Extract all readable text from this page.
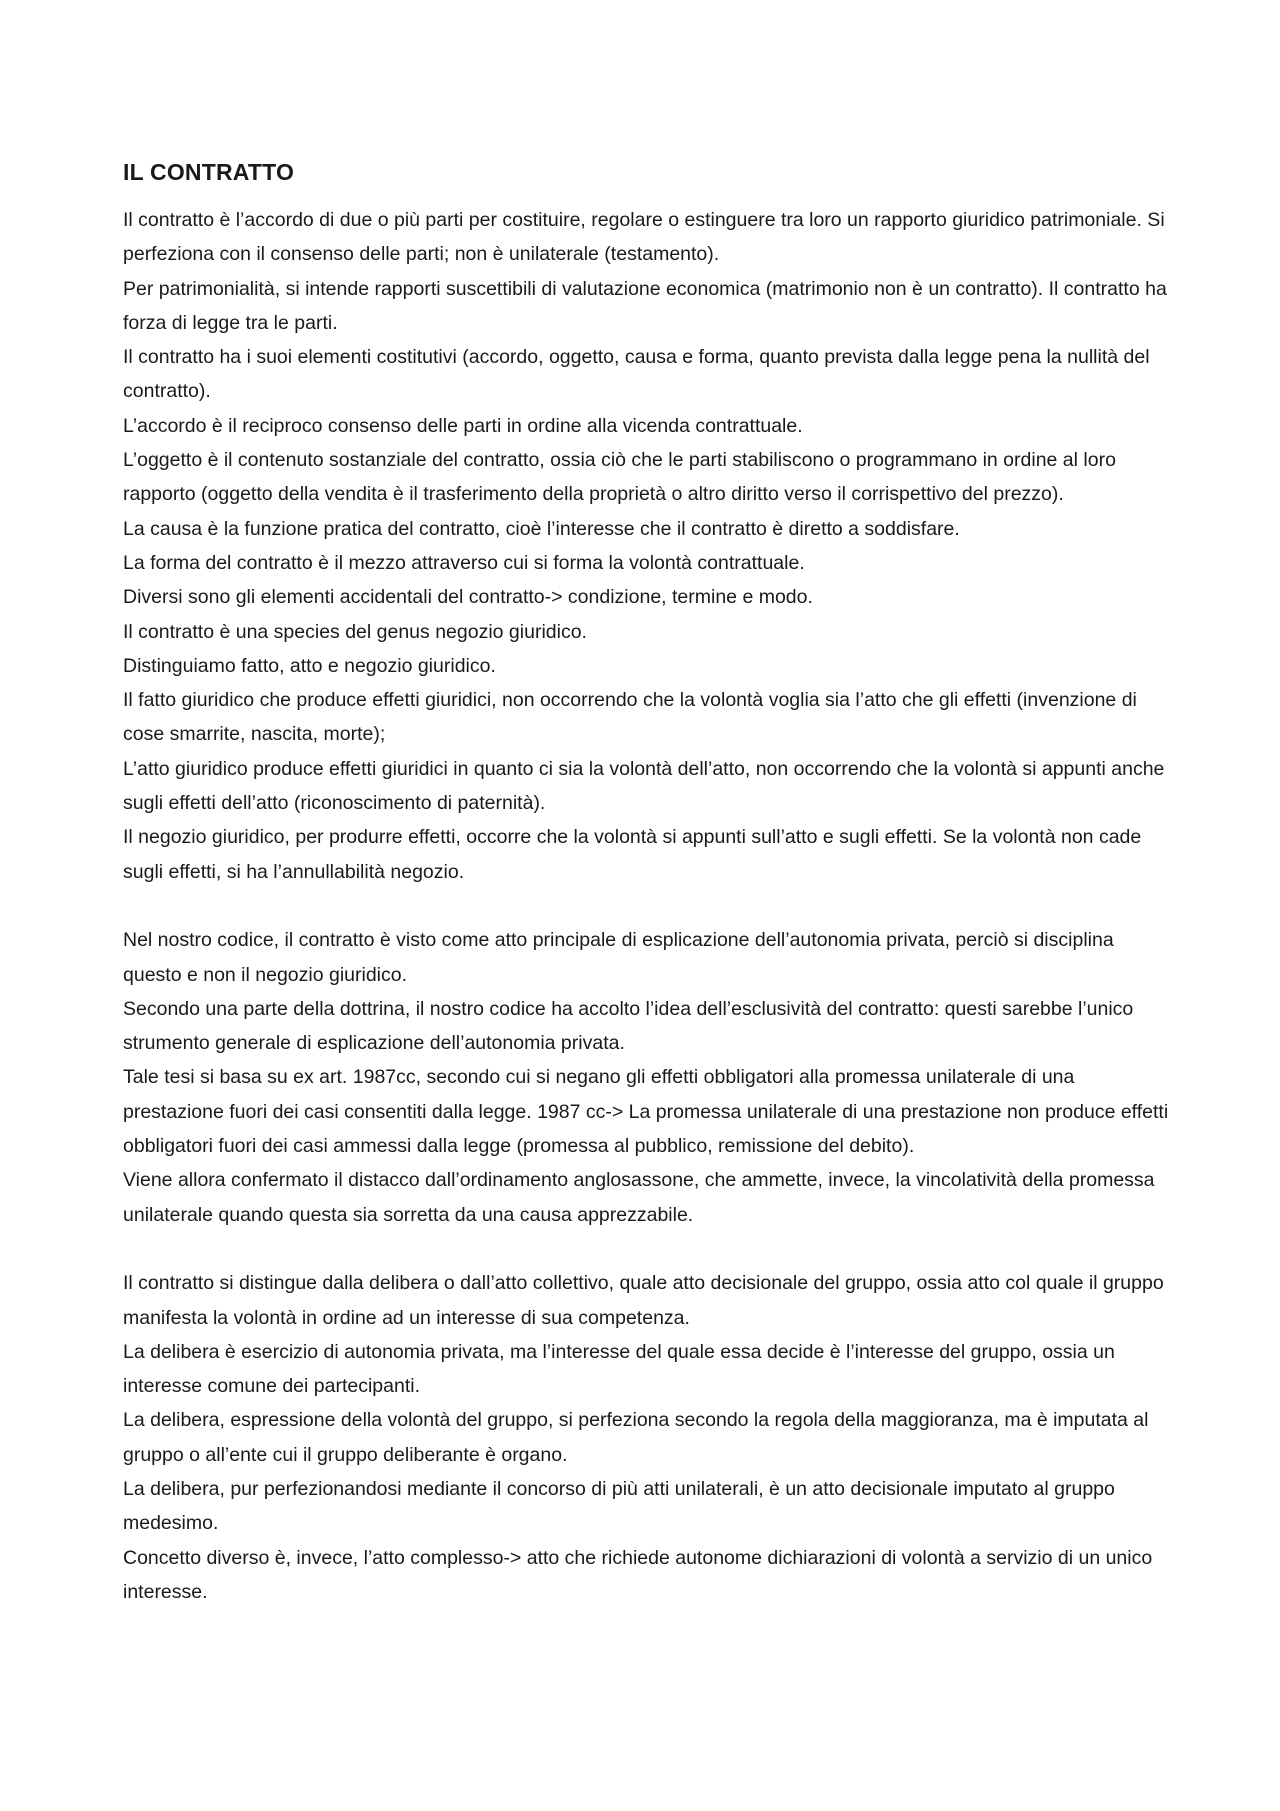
IL CONTRATTO

Il contratto è l’accordo di due o più parti per costituire, regolare o estinguere tra loro un rapporto giuridico patrimoniale. Si perfeziona con il consenso delle parti; non è unilaterale (testamento).

Per patrimonialità, si intende rapporti suscettibili di valutazione economica (matrimonio non è un contratto). Il contratto ha forza di legge tra le parti.

Il contratto ha i suoi elementi costitutivi (accordo, oggetto, causa e forma, quanto prevista dalla legge pena la nullità del contratto).

L’accordo è il reciproco consenso delle parti in ordine alla vicenda contrattuale.

L’oggetto è il contenuto sostanziale del contratto, ossia ciò che le parti stabiliscono o programmano in ordine al loro rapporto (oggetto della vendita è il trasferimento della proprietà o altro diritto verso il corrispettivo del prezzo).

La causa è la funzione pratica del contratto, cioè l’interesse che il contratto è diretto a soddisfare.

La forma del contratto è il mezzo attraverso cui si forma la volontà contrattuale.

Diversi sono gli elementi accidentali del contratto-> condizione, termine e modo.

Il contratto è una species del genus negozio giuridico.

Distinguiamo fatto, atto e negozio giuridico.

Il fatto giuridico che produce effetti giuridici, non occorrendo che la volontà voglia sia l’atto che gli effetti (invenzione di cose smarrite, nascita, morte);

L’atto giuridico produce effetti giuridici in quanto ci sia la volontà dell’atto, non occorrendo che la volontà si appunti anche sugli effetti dell’atto (riconoscimento di paternità).

Il negozio giuridico, per produrre effetti, occorre che la volontà si appunti sull’atto e sugli effetti. Se la volontà non cade sugli effetti, si ha l’annullabilità negozio.

Nel nostro codice, il contratto è visto come atto principale di esplicazione dell’autonomia privata, perciò si disciplina questo e non il negozio giuridico.

Secondo una parte della dottrina, il nostro codice ha accolto l’idea dell’esclusività del contratto: questi sarebbe l’unico strumento generale di esplicazione dell’autonomia privata.

Tale tesi si basa su ex art. 1987cc, secondo cui si negano gli effetti obbligatori alla promessa unilaterale di una prestazione fuori dei casi consentiti dalla legge. 1987 cc-> La promessa unilaterale di una prestazione non produce effetti obbligatori fuori dei casi ammessi dalla legge (promessa al pubblico, remissione del debito).

Viene allora confermato il distacco dall’ordinamento anglosassone, che ammette, invece, la vincolatività della promessa unilaterale quando questa sia sorretta da una causa apprezzabile.

Il contratto si distingue dalla delibera o dall’atto collettivo, quale atto decisionale del gruppo, ossia atto col quale il gruppo manifesta la volontà in ordine ad un interesse di sua competenza.

La delibera è esercizio di autonomia privata, ma l’interesse del quale essa decide è l’interesse del gruppo, ossia un interesse comune dei partecipanti.

La delibera, espressione della volontà del gruppo, si perfeziona secondo la regola della maggioranza, ma è imputata al gruppo o all’ente cui il gruppo deliberante è organo.

La delibera, pur perfezionandosi mediante il concorso di più atti unilaterali, è un atto decisionale imputato al gruppo medesimo.

Concetto diverso è, invece, l’atto complesso-> atto che richiede autonome dichiarazioni di volontà a servizio di un unico interesse.
